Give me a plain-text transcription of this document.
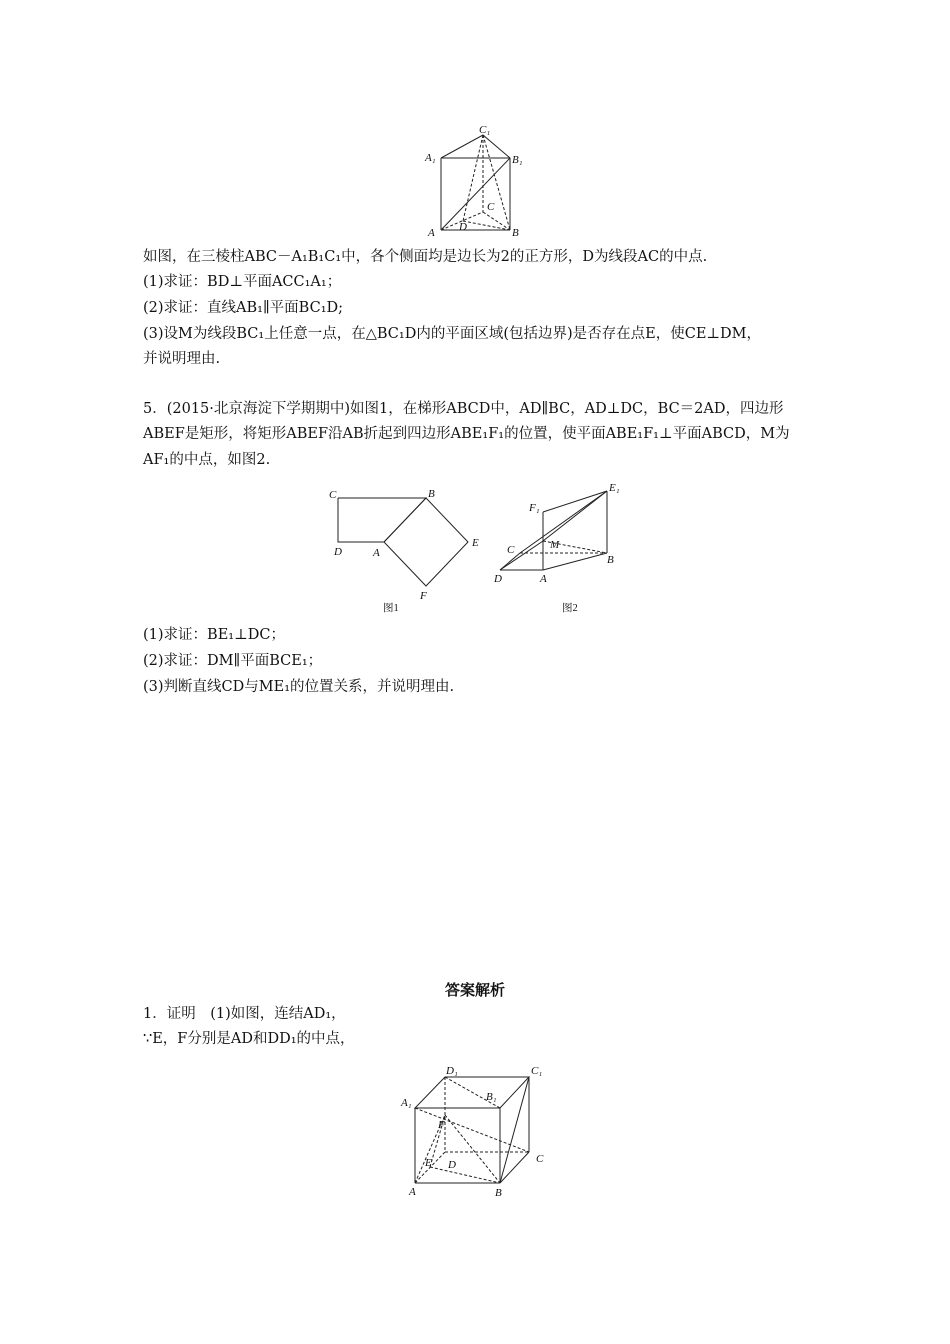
C₁
A₁	B₁
C
A D	B
如图，在三棱柱ABC－A₁B₁C₁中，各个侧面均是边长为2的正方形，D为线段AC的中点.
(1)求证：BD⊥平面ACC₁A₁；
(2)求证：直线AB₁∥平面BC₁D;
(3)设M为线段BC₁上任意一点，在△BC₁D内的平面区域(包括边界)是否存在点E，使CE⊥DM，
并说明理由.
5．(2015·北京海淀下学期期中)如图1，在梯形ABCD中，AD∥BC，AD⊥DC，BC＝2AD，四边形
ABEF是矩形，将矩形ABEF沿AB折起到四边形ABE₁F₁的位置，使平面ABE₁F₁⊥平面ABCD，M为
AF₁的中点，如图2.
C	B
E
D	A
F
图1
E₁
F₁
C	M
B
D	A
图2
(1)求证：BE₁⊥DC；
(2)求证：DM∥平面BCE₁；
(3)判断直线CD与ME₁的位置关系，并说明理由.
答案解析
1．证明　(1)如图，连结AD₁，
∵E，F分别是AD和DD₁的中点，
D₁	C₁
A₁	B₁
F
E D	C
A	B
